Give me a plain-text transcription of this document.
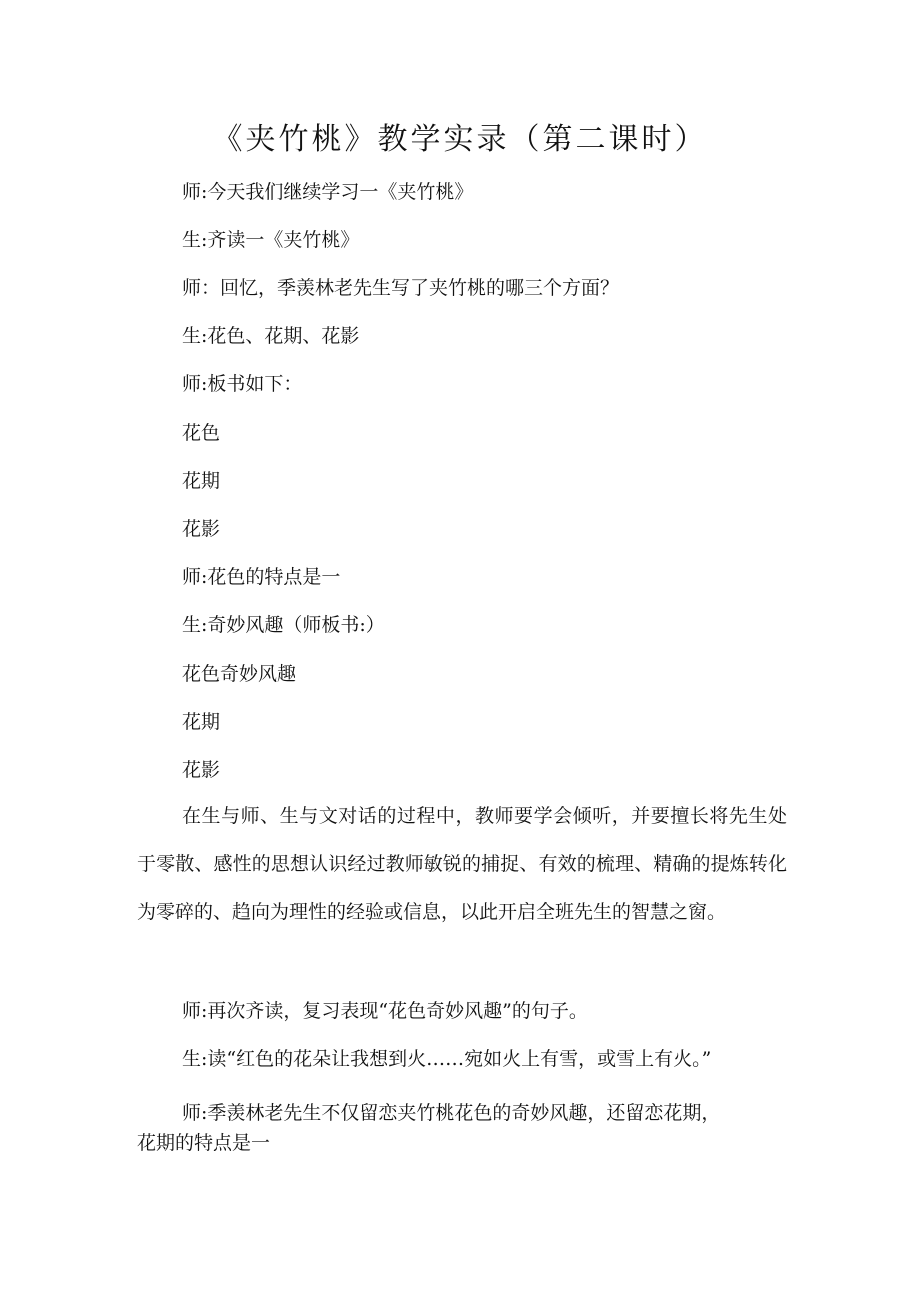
《夹竹桃》教学实录（第二课时）

师:今天我们继续学习一《夹竹桃》

生:齐读一《夹竹桃》

师：回忆，季羡林老先生写了夹竹桃的哪三个方面？

生:花色、花期、花影

师:板书如下：

花色

花期

花影

师:花色的特点是一

生:奇妙风趣（师板书:）

花色奇妙风趣

花期

花影

在生与师、生与文对话的过程中，教师要学会倾听，并要擅长将先生处于零散、感性的思想认识经过教师敏锐的捕捉、有效的梳理、精确的提炼转化为零碎的、趋向为理性的经验或信息，以此开启全班先生的智慧之窗。

师:再次齐读，复习表现“花色奇妙风趣”的句子。

生:读“红色的花朵让我想到火……宛如火上有雪，或雪上有火。”

师:季羡林老先生不仅留恋夹竹桃花色的奇妙风趣，还留恋花期，花期的特点是一
